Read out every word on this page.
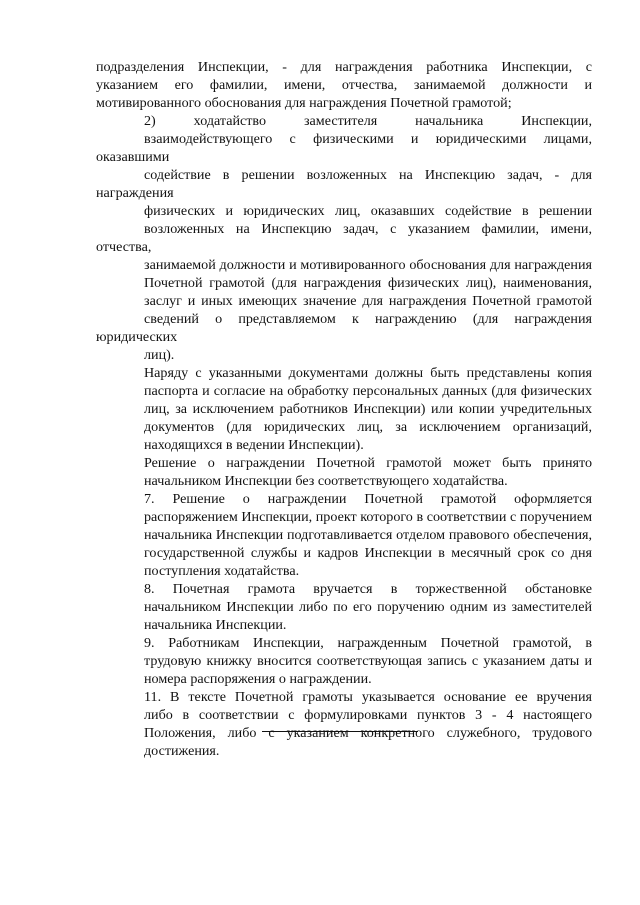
подразделения Инспекции, - для награждения работника Инспекции, с
указанием его фамилии, имени, отчества, занимаемой должности и
мотивированного обоснования для награждения Почетной грамотой;

2) ходатайство заместителя начальника Инспекции,
взаимодействующего с физическими и юридическими лицами, оказавшими
содействие в решении возложенных на Инспекцию задач, - для награждения
физических и юридических лиц, оказавших содействие в решении
возложенных на Инспекцию задач, с указанием фамилии, имени, отчества,
занимаемой должности и мотивированного обоснования для награждения
Почетной грамотой (для награждения физических лиц), наименования,
заслуг и иных имеющих значение для награждения Почетной грамотой
сведений о представляемом к награждению (для награждения юридических
лиц).

Наряду с указанными документами должны быть представлены копия
паспорта и согласие на обработку персональных данных (для физических
лиц, за исключением работников Инспекции) или копии учредительных
документов (для юридических лиц, за исключением организаций,
находящихся в ведении Инспекции).

Решение о награждении Почетной грамотой может быть принято
начальником Инспекции без соответствующего ходатайства.

7. Решение о награждении Почетной грамотой оформляется
распоряжением Инспекции, проект которого в соответствии с поручением
начальника Инспекции подготавливается отделом правового обеспечения,
государственной службы и кадров Инспекции в месячный срок со дня
поступления ходатайства.

8. Почетная грамота вручается в торжественной обстановке
начальником Инспекции либо по его поручению одним из заместителей
начальника Инспекции.

9. Работникам Инспекции, награжденным Почетной грамотой, в
трудовую книжку вносится соответствующая запись с указанием даты и
номера распоряжения о награждении.

11. В тексте Почетной грамоты указывается основание ее вручения
либо в соответствии с формулировками пунктов 3 - 4 настоящего
Положения, либо с указанием конкретного служебного, трудового
достижения.
